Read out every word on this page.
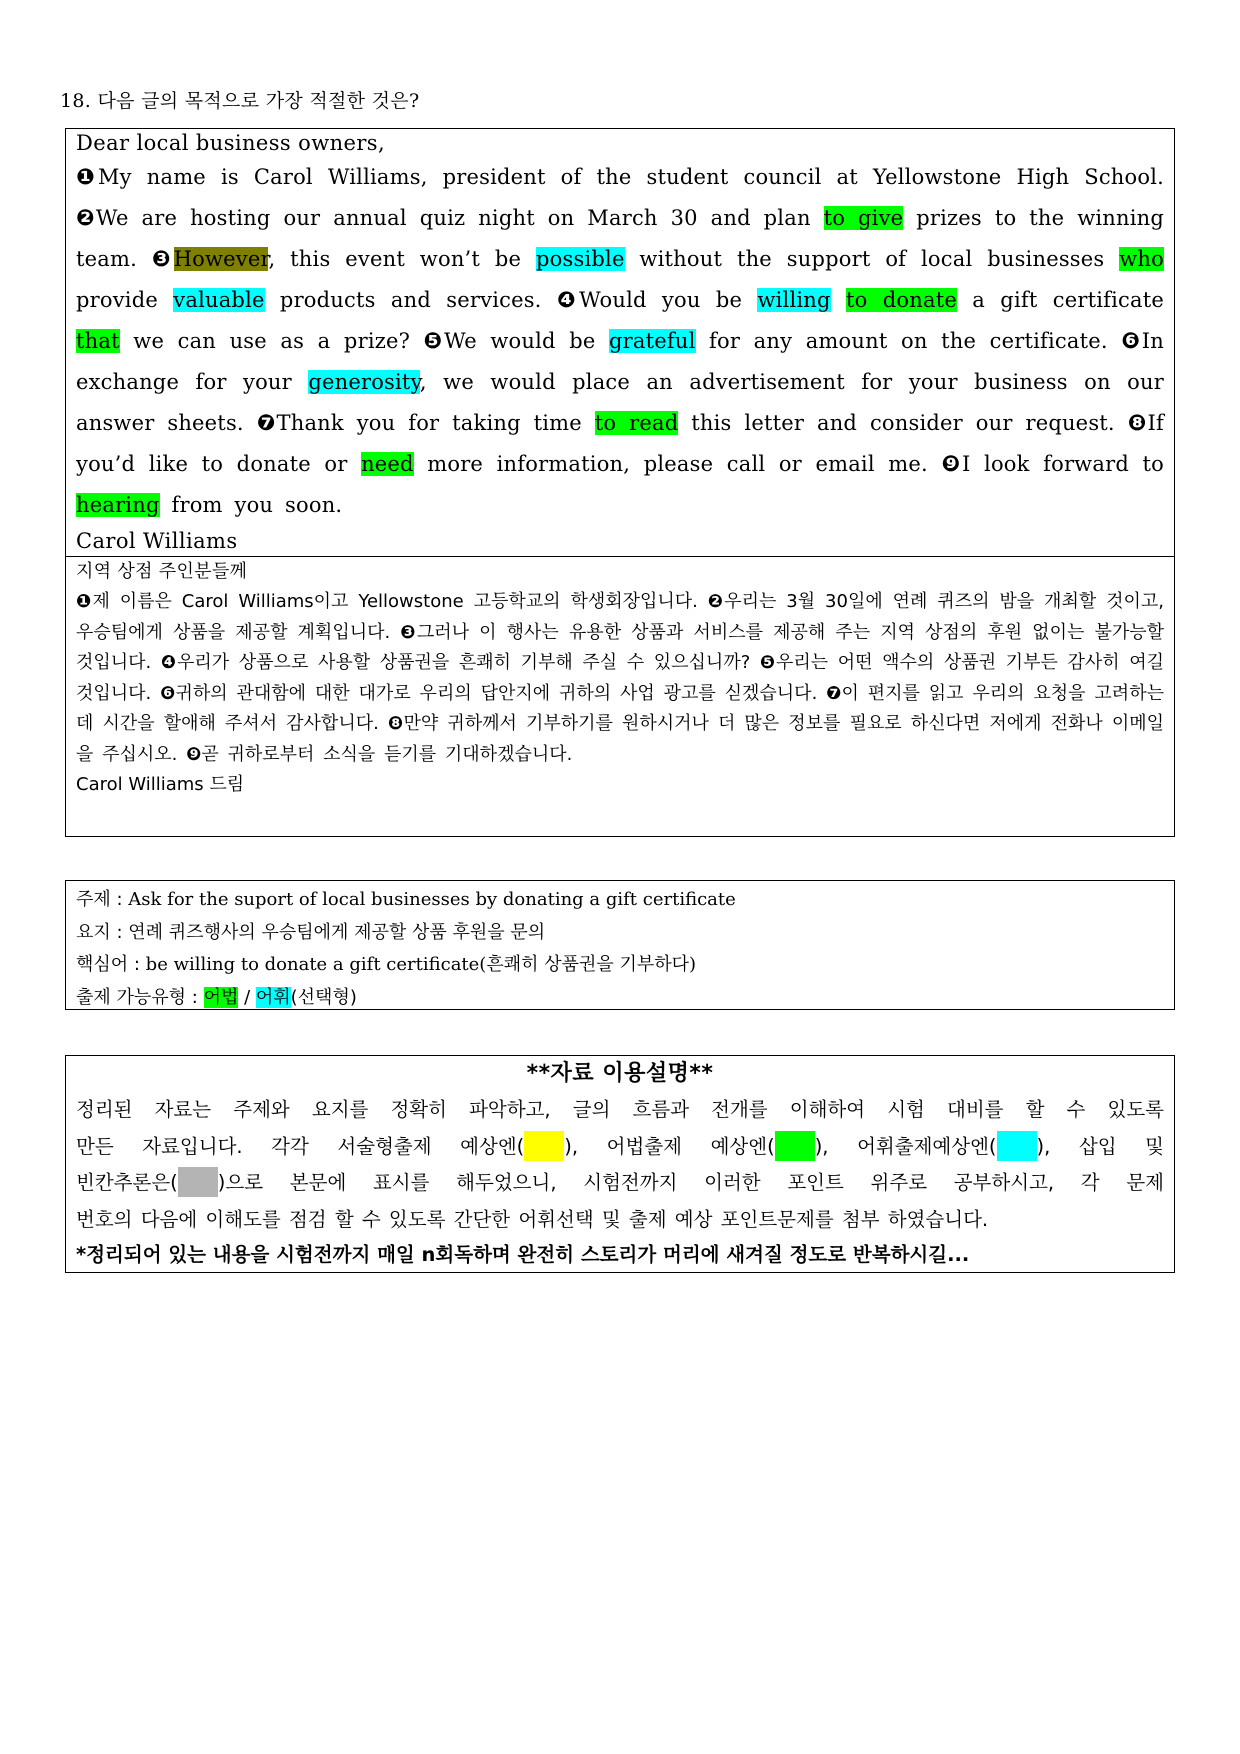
18. 다음 글의 목적으로 가장 적절한 것은?
Dear local business owners,
❶My name is Carol Williams, president of the student council at Yellowstone High School. ❷We are hosting our annual quiz night on March 30 and plan to give prizes to the winning team. ❸However, this event won’t be possible without the support of local businesses who provide valuable products and services. ❹Would you be willing to donate a gift certificate that we can use as a prize? ❺We would be grateful for any amount on the certificate. ❻In exchange for your generosity, we would place an advertisement for your business on our answer sheets. ❼Thank you for taking time to read this letter and consider our request. ❽If you’d like to donate or need more information, please call or email me. ❾I look forward to hearing from you soon.
Carol Williams
지역 상점 주인분들께
❶제 이름은 Carol Williams이고 Yellowstone 고등학교의 학생회장입니다. ❷우리는 3월 30일에 연례 퀴즈의 밤을 개최할 것이고, 우승팀에게 상품을 제공할 계획입니다. ❸그러나 이 행사는 유용한 상품과 서비스를 제공해 주는 지역 상점의 후원 없이는 불가능할 것입니다. ❹우리가 상품으로 사용할 상품권을 흔쾌히 기부해 주실 수 있으십니까? ❺우리는 어떤 액수의 상품권 기부든 감사히 여길 것입니다. ❻귀하의 관대함에 대한 대가로 우리의 답안지에 귀하의 사업 광고를 싣겠습니다. ❼이 편지를 읽고 우리의 요청을 고려하는데 시간을 할애해 주셔서 감사합니다. ❽만약 귀하께서 기부하기를 원하시거나 더 많은 정보를 필요로 하신다면 저에게 전화나 이메일을 주십시오. ❾곧 귀하로부터 소식을 듣기를 기대하겠습니다.
Carol Williams 드림
주제 : Ask for the suport of local businesses by donating a gift certificate
요지 : 연례 퀴즈행사의 우승팀에게 제공할 상품 후원을 문의
핵심어 : be willing to donate a gift certificate(흔쾌히 상품권을 기부하다)
출제 가능유형 : 어법 / 어휘(선택형)
**자료 이용설명**
정리된 자료는 주제와 요지를 정확히 파악하고, 글의 흐름과 전개를 이해하여 시험 대비를 할 수 있도록
만든 자료입니다. 각각 서술형출제 예상엔( ), 어법출제 예상엔( ), 어휘출제예상엔( ), 삽입 및
빈칸추론은( )으로 본문에 표시를 해두었으니, 시험전까지 이러한 포인트 위주로 공부하시고, 각 문제
번호의 다음에 이해도를 점검 할 수 있도록 간단한 어휘선택 및 출제 예상 포인트문제를 첨부 하였습니다.
*정리되어 있는 내용을 시험전까지 매일 n회독하며 완전히 스토리가 머리에 새겨질 정도로 반복하시길...
